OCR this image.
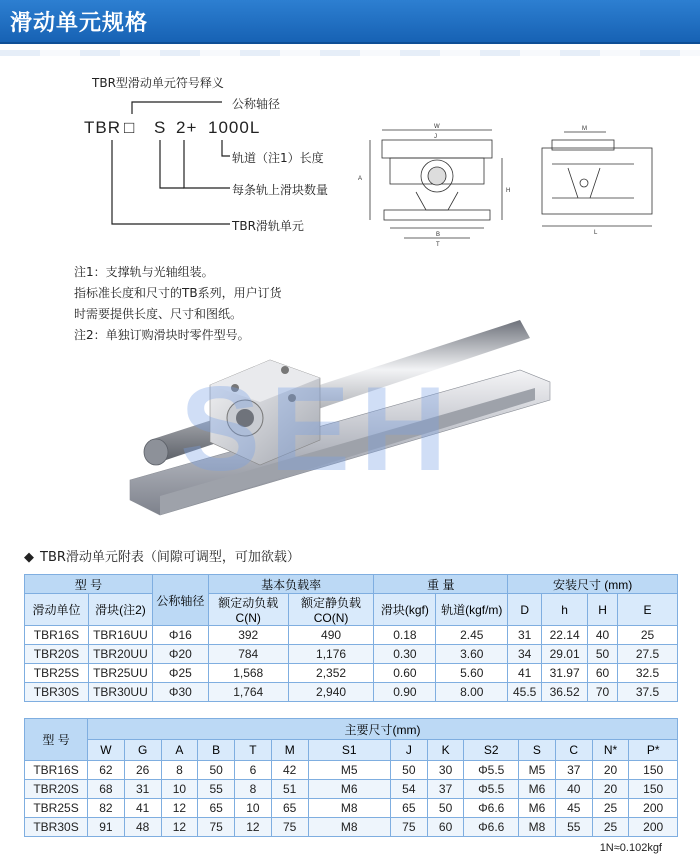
滑动单元规格
TBR型滑动单元符号释义
TBR □ S 2+ 1000L
公称轴径
轨道（注1）长度
每条轨上滑块数量
TBR滑轨单元
W
J
A
H
B
T
M
L
注1：支撑轨与光轴组装。
指标准长度和尺寸的TB系列，用户订货
时需要提供长度、尺寸和图纸。
注2：单独订购滑块时零件型号。
SEH
◆ TBR滑动单元附表（间隙可调型，可加欲载）
型 号		公称轴径	基本负载率		重 量		安装尺寸 (mm)			
滑动单位	滑块(注2)		额定动负载C(N)	额定静负载CO(N)	滑块(kgf)	轨道(kgf/m)	D	h	H	E
TBR16S	TBR16UU	Φ16	392	490	0.18	2.45	31	22.14	40	25
TBR20S	TBR20UU	Φ20	784	1,176	0.30	3.60	34	29.01	50	27.5
TBR25S	TBR25UU	Φ25	1,568	2,352	0.60	5.60	41	31.97	60	32.5
TBR30S	TBR30UU	Φ30	1,764	2,940	0.90	8.00	45.5	36.52	70	37.5
型 号	主要尺寸(mm)													
	W	G	A	B	T	M	S1	J	K	S2	S	C	N*	P*
TBR16S	62	26	8	50	6	42	M5	50	30	Φ5.5	M5	37	20	150
TBR20S	68	31	10	55	8	51	M6	54	37	Φ5.5	M6	40	20	150
TBR25S	82	41	12	65	10	65	M8	65	50	Φ6.6	M6	45	25	200
TBR30S	91	48	12	75	12	75	M8	75	60	Φ6.6	M8	55	25	200
1N≈0.102kgf
